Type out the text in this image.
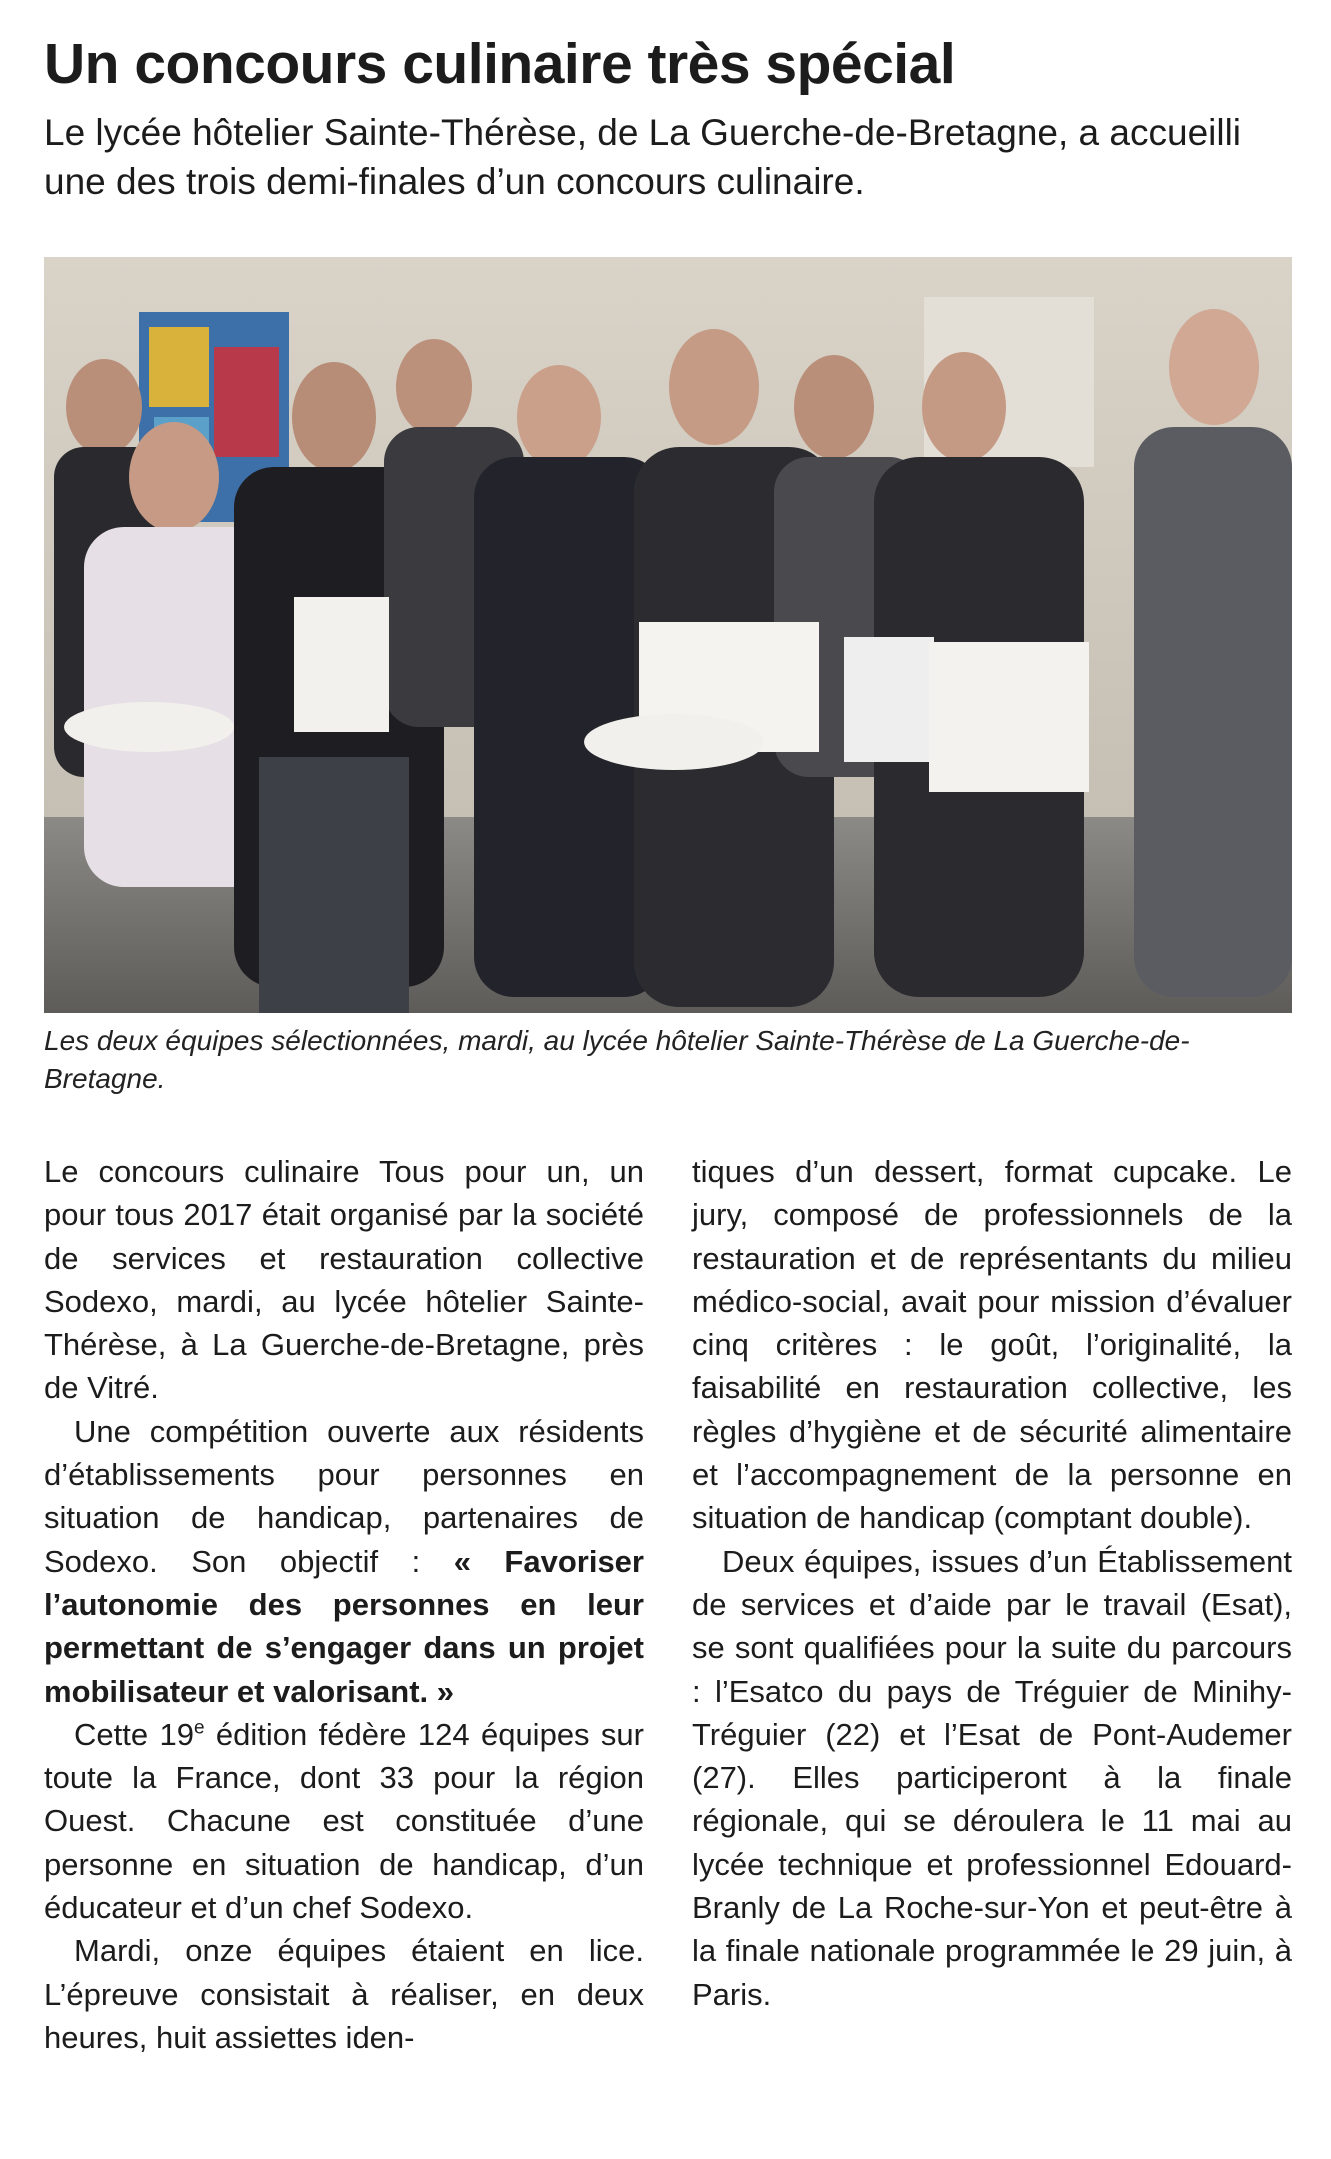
Un concours culinaire très spécial
Le lycée hôtelier Sainte-Thérèse, de La Guerche-de-Bretagne, a accueilli une des trois demi-finales d’un concours culinaire.
Les deux équipes sélectionnées, mardi, au lycée hôtelier Sainte-Thérèse de La Guerche-de-Bretagne.

Le concours culinaire Tous pour un, un pour tous 2017 était organisé par la société de services et restauration collective Sodexo, mardi, au lycée hôtelier Sainte-Thérèse, à La Guerche-de-Bretagne, près de Vitré.

Une compétition ouverte aux résidents d’établissements pour personnes en situation de handicap, partenaires de Sodexo. Son objectif : « Favoriser l’autonomie des personnes en leur permettant de s’engager dans un projet mobilisateur et valorisant. »

Cette 19e édition fédère 124 équipes sur toute la France, dont 33 pour la région Ouest. Chacune est constituée d’une personne en situation de handicap, d’un éducateur et d’un chef Sodexo.

Mardi, onze équipes étaient en lice. L’épreuve consistait à réaliser, en deux heures, huit assiettes iden-

tiques d’un dessert, format cupcake. Le jury, composé de professionnels de la restauration et de représentants du milieu médico-social, avait pour mission d’évaluer cinq critères : le goût, l’originalité, la faisabilité en restauration collective, les règles d’hygiène et de sécurité alimentaire et l’accompagnement de la personne en situation de handicap (comptant double).

Deux équipes, issues d’un Établissement de services et d’aide par le travail (Esat), se sont qualifiées pour la suite du parcours : l’Esatco du pays de Tréguier de Minihy-Tréguier (22) et l’Esat de Pont-Audemer (27). Elles participeront à la finale régionale, qui se déroulera le 11 mai au lycée technique et professionnel Edouard-Branly de La Roche-sur-Yon et peut-être à la finale nationale programmée le 29 juin, à Paris.
